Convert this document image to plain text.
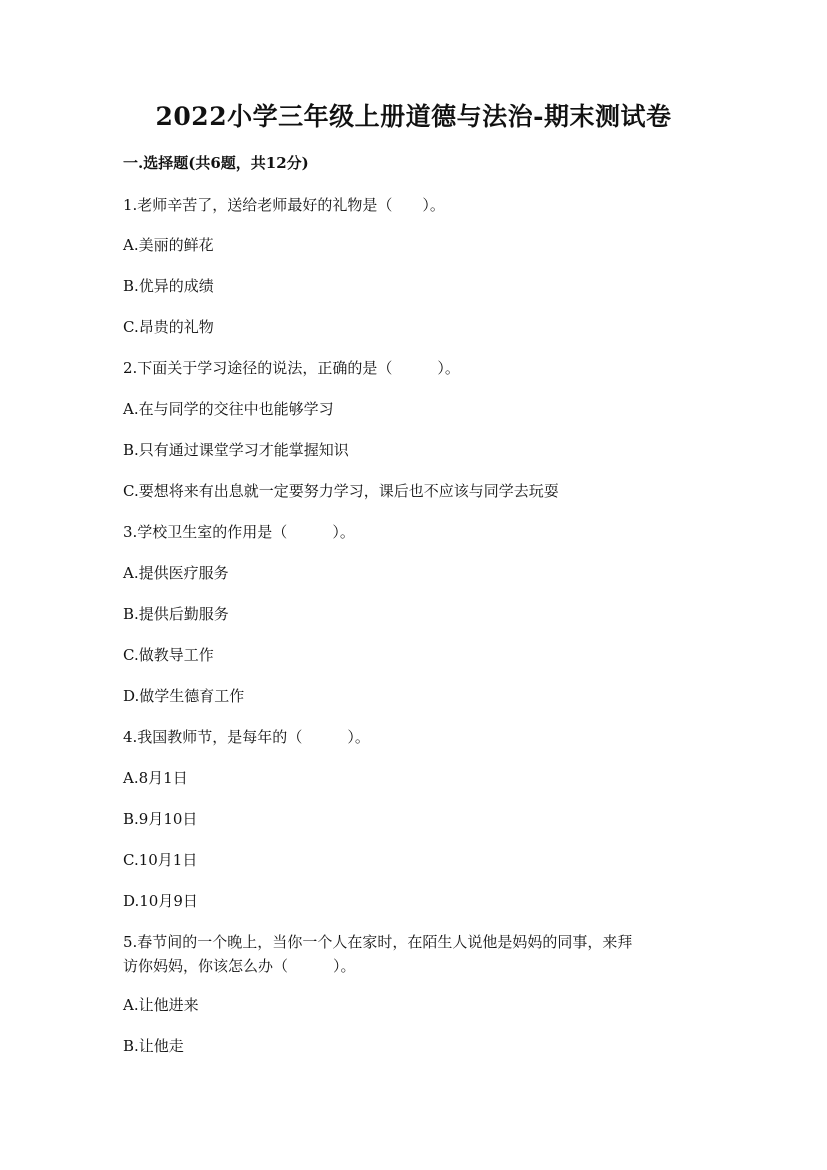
2022小学三年级上册道德与法治-期末测试卷
一.选择题(共6题，共12分)
1.老师辛苦了，送给老师最好的礼物是（　　）。
A.美丽的鲜花
B.优异的成绩
C.昂贵的礼物
2.下面关于学习途径的说法，正确的是（　　　）。
A.在与同学的交往中也能够学习
B.只有通过课堂学习才能掌握知识
C.要想将来有出息就一定要努力学习，课后也不应该与同学去玩耍
3.学校卫生室的作用是（　　　）。
A.提供医疗服务
B.提供后勤服务
C.做教导工作
D.做学生德育工作
4.我国教师节，是每年的（　　　）。
A.8月1日
B.9月10日
C.10月1日
D.10月9日
5.春节间的一个晚上，当你一个人在家时，在陌生人说他是妈妈的同事，来拜
访你妈妈，你该怎么办（　　　）。
A.让他进来
B.让他走
